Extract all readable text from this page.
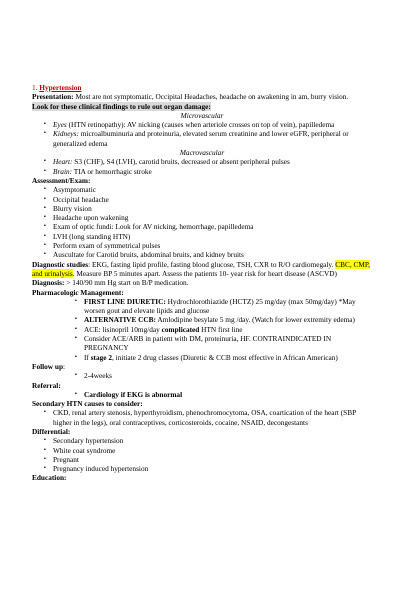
1. Hypertension

Presentation: Most are not symptomatic, Occipital Headaches, headache on awakening in am, burry vision.

Look for these clinical findings to rule out organ damage:

Microvascular

▪ Eyes (HTN retinopathy): AV nicking (causes when arteriole crosses on top of vein), papilledema
▪ Kidneys: microalbuminuria and proteinuria, elevated serum creatinine and lower eGFR, peripheral or generalized edema

Macrovascular

▪ Heart: S3 (CHF), S4 (LVH), carotid bruits, decreased or absent peripheral pulses
▪ Brain: TIA or hemorrhagic stroke

Assessment/Exam:

▪ Asymptomatic
▪ Occipital headache
▪ Blurry vision
▪ Headache upon wakening
▪ Exam of optic fundi: Look for AV nicking, hemorrhage, papilledema
▪ LVH (long standing HTN)
▪ Perform exam of symmetrical pulses
▪ Auscultate for Carotid bruits, abdominal bruits, and kidney bruits

Diagnostic studies: EKG, fasting lipid profile, fasting blood glucose, TSH, CXR to R/O cardiomegaly. CBC, CMP, and urinalysis. Measure BP 5 minutes apart. Assess the patients 10- year risk for heart disease (ASCVD)

Diagnosis: > 140/90 mm Hg start on B/P medication.

Pharmacologic Management:

▪ FIRST LINE DIURETIC: Hydrochlorothiazide (HCTZ) 25 mg/day (max 50mg/day) *May worsen gout and elevate lipids and glucose
▪ ALTERNATIVE CCB: Amlodipine besylate 5 mg /day. (Watch for lower extremity edema)
▪ ACE: lisinopril 10mg/day complicated HTN first line
▪ Consider ACE/ARB in patient with DM, proteinuria, HF. CONTRAINDICATED IN PREGNANCY
▪ If stage 2, initiate 2 drug classes (Diuretic & CCB most effective in African American)

Follow up:

▪ 2-4weeks

Referral:

▪ Cardiology if EKG is abnormal

Secondary HTN causes to consider:

▪ CKD, renal artery stenosis, hyperthyroidism, phenochromocytoma, OSA, coartication of the heart (SBP higher in the legs), oral contraceptives, corticosteroids, cocaine, NSAID, decongestants

Differential:

▪ Secondary hypertension
▪ White coat syndrome
▪ Pregnant
▪ Pregnancy induced hypertension

Education:
